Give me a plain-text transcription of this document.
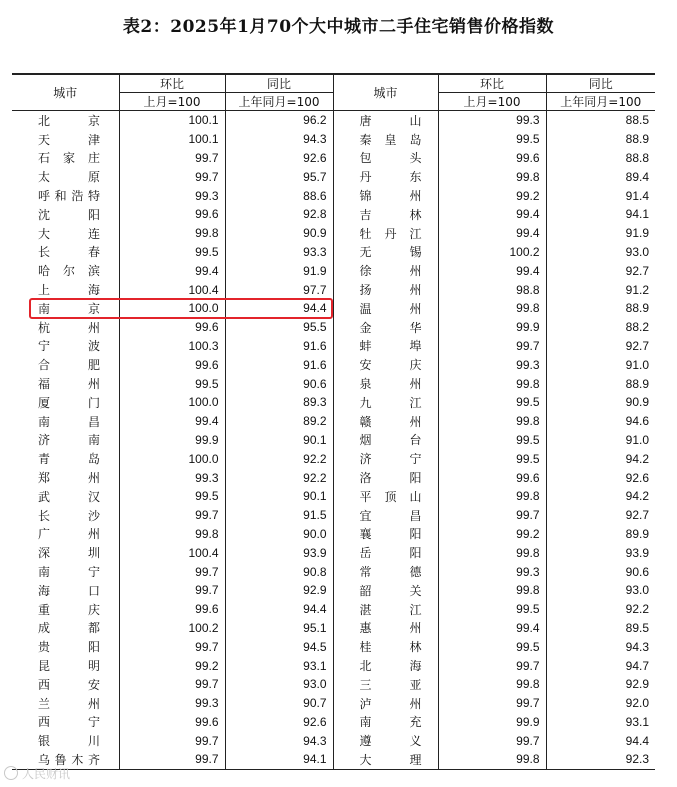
表2：2025年1月70个大中城市二手住宅销售价格指数
城市	环比	同比	城市	环比	同比
	上月=100	上年同月=100		上月=100	上年同月=100

北 京	100.1	96.2	唐 山	99.3	88.5

天 津	100.1	94.3	秦 皇 岛	99.5	88.9

石 家 庄	99.7	92.6	包 头	99.6	88.8

太 原	99.7	95.7	丹 东	99.8	89.4

呼 和 浩 特	99.3	88.6	锦 州	99.2	91.4

沈 阳	99.6	92.8	吉 林	99.4	94.1

大 连	99.8	90.9	牡 丹 江	99.4	91.9

长 春	99.5	93.3	无 锡	100.2	93.0

哈 尔 滨	99.4	91.9	徐 州	99.4	92.7

上 海	100.4	97.7	扬 州	98.8	91.2

南 京	100.0	94.4	温 州	99.8	88.9

杭 州	99.6	95.5	金 华	99.9	88.2

宁 波	100.3	91.6	蚌 埠	99.7	92.7

合 肥	99.6	91.6	安 庆	99.3	91.0

福 州	99.5	90.6	泉 州	99.8	88.9

厦 门	100.0	89.3	九 江	99.5	90.9

南 昌	99.4	89.2	赣 州	99.8	94.6

济 南	99.9	90.1	烟 台	99.5	91.0

青 岛	100.0	92.2	济 宁	99.5	94.2

郑 州	99.3	92.2	洛 阳	99.6	92.6

武 汉	99.5	90.1	平 顶 山	99.8	94.2

长 沙	99.7	91.5	宜 昌	99.7	92.7

广 州	99.8	90.0	襄 阳	99.2	89.9

深 圳	100.4	93.9	岳 阳	99.8	93.9

南 宁	99.7	90.8	常 德	99.3	90.6

海 口	99.7	92.9	韶 关	99.8	93.0

重 庆	99.6	94.4	湛 江	99.5	92.2

成 都	100.2	95.1	惠 州	99.4	89.5

贵 阳	99.7	94.5	桂 林	99.5	94.3

昆 明	99.2	93.1	北 海	99.7	94.7

西 安	99.7	93.0	三 亚	99.8	92.9

兰 州	99.3	90.7	泸 州	99.7	92.0

西 宁	99.6	92.6	南 充	99.9	93.1

银 川	99.7	94.3	遵 义	99.7	94.4

乌 鲁 木 齐	99.7	94.1	大 理	99.8	92.3
人民财讯
